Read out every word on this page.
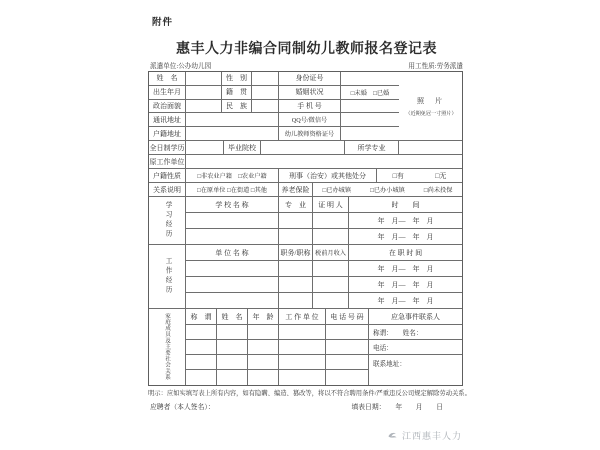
附件
惠丰人力非编合同制幼儿教师报名登记表
派遣单位:公办幼儿园	用工性质:劳务派遣
姓　名	性　别	身份证号
出生年月	籍　贯	婚姻状况	□未婚　□已婚
政治面貌	民　族	手 机 号
通讯地址	QQ号/微信号
户籍地址	幼儿教师资格证号
照　片
（近期免冠一寸照片）
全日制学历	毕业院校	所学专业
原工作单位
户籍性质	□非农业户籍　□农业户籍	刑事（治安）或其他处分	□有	□无
关系说明	□在原单位 □在街道 □其他	养老保险	□已办城镇	□已办小城镇	□尚未投保
学习经历	学 校 名 称	专　业	证 明 人	时　　间
年　月—　年　月
年　月—　年　月
工作经历
单 位 名 称	职务/职称 税前月收入	在 职 时 间
年　月—　年　月
年　月—　年　月
年　月—　年　月
家庭成员及主要社会关系	称　谓	姓　名	年　龄	工 作 单 位	电 话 号 码	应急事件联系人
称谓：　　姓名：
电话：
联系地址：
明示：应如实填写表上所有内容，如有隐瞒、编造、篡改等，将以不符合聘用条件/严重违反公司规定解除劳动关系。
应聘者（本人签名）：	填表日期： 年　　月　　日
江西惠丰人力
